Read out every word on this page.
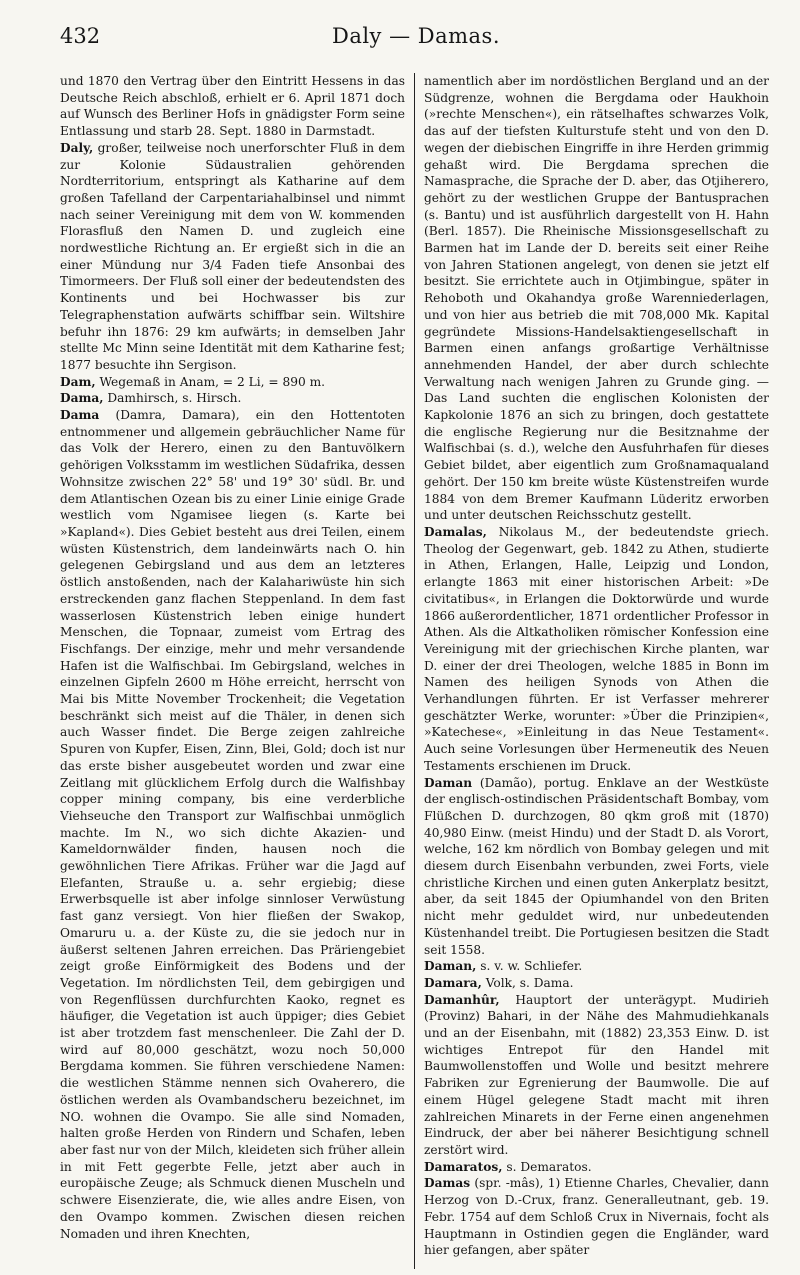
432	Daly — Damas.

und 1870 den Vertrag über den Eintritt Hessens in das Deutsche Reich abschloß, erhielt er 6. April 1871 doch auf Wunsch des Berliner Hofs in gnädigster Form seine Entlassung und starb 28. Sept. 1880 in Darmstadt.

Daly, großer, teilweise noch unerforschter Fluß in dem zur Kolonie Südaustralien gehörenden Nordterritorium, entspringt als Katharine auf dem großen Tafelland der Carpentariahalbinsel und nimmt nach seiner Vereinigung mit dem von W. kommenden Florasfluß den Namen D. und zugleich eine nordwestliche Richtung an. Er ergießt sich in die an einer Mündung nur 3/4 Faden tiefe Ansonbai des Timormeers. Der Fluß soll einer der bedeutendsten des Kontinents und bei Hochwasser bis zur Telegraphenstation aufwärts schiffbar sein. Wiltshire befuhr ihn 1876: 29 km aufwärts; in demselben Jahr stellte Mc Minn seine Identität mit dem Katharine fest; 1877 besuchte ihn Sergison.

Dam, Wegemaß in Anam, = 2 Li, = 890 m.

Dama, Damhirsch, s. Hirsch.

Dama (Damra, Damara), ein den Hottentoten entnommener und allgemein gebräuchlicher Name für das Volk der Herero, einen zu den Bantuvölkern gehörigen Volksstamm im westlichen Südafrika, dessen Wohnsitze zwischen 22° 58' und 19° 30' südl. Br. und dem Atlantischen Ozean bis zu einer Linie einige Grade westlich vom Ngamisee liegen (s. Karte bei »Kapland«). Dies Gebiet besteht aus drei Teilen, einem wüsten Küstenstrich, dem landeinwärts nach O. hin gelegenen Gebirgsland und aus dem an letzteres östlich anstoßenden, nach der Kalahariwüste hin sich erstreckenden ganz flachen Steppenland. In dem fast wasserlosen Küstenstrich leben einige hundert Menschen, die Topnaar, zumeist vom Ertrag des Fischfangs. Der einzige, mehr und mehr versandende Hafen ist die Walfischbai. Im Gebirgsland, welches in einzelnen Gipfeln 2600 m Höhe erreicht, herrscht von Mai bis Mitte November Trockenheit; die Vegetation beschränkt sich meist auf die Thäler, in denen sich auch Wasser findet. Die Berge zeigen zahlreiche Spuren von Kupfer, Eisen, Zinn, Blei, Gold; doch ist nur das erste bisher ausgebeutet worden und zwar eine Zeitlang mit glücklichem Erfolg durch die Walfishbay copper mining company, bis eine verderbliche Viehseuche den Transport zur Walfischbai unmöglich machte. Im N., wo sich dichte Akazien- und Kameldornwälder finden, hausen noch die gewöhnlichen Tiere Afrikas. Früher war die Jagd auf Elefanten, Strauße u. a. sehr ergiebig; diese Erwerbsquelle ist aber infolge sinnloser Verwüstung fast ganz versiegt. Von hier fließen der Swakop, Omaruru u. a. der Küste zu, die sie jedoch nur in äußerst seltenen Jahren erreichen. Das Präriengebiet zeigt große Einförmigkeit des Bodens und der Vegetation. Im nördlichsten Teil, dem gebirgigen und von Regenflüssen durchfurchten Kaoko, regnet es häufiger, die Vegetation ist auch üppiger; dies Gebiet ist aber trotzdem fast menschenleer. Die Zahl der D. wird auf 80,000 geschätzt, wozu noch 50,000 Bergdama kommen. Sie führen verschiedene Namen: die westlichen Stämme nennen sich Ovaherero, die östlichen werden als Ovambandscheru bezeichnet, im NO. wohnen die Ovampo. Sie alle sind Nomaden, halten große Herden von Rindern und Schafen, leben aber fast nur von der Milch, kleideten sich früher allein in mit Fett gegerbte Felle, jetzt aber auch in europäische Zeuge; als Schmuck dienen Muscheln und schwere Eisenzierate, die, wie alles andre Eisen, von den Ovampo kommen. Zwischen diesen reichen Nomaden und ihren Knechten,

namentlich aber im nordöstlichen Bergland und an der Südgrenze, wohnen die Bergdama oder Haukhoin (»rechte Menschen«), ein rätselhaftes schwarzes Volk, das auf der tiefsten Kulturstufe steht und von den D. wegen der diebischen Eingriffe in ihre Herden grimmig gehaßt wird. Die Bergdama sprechen die Namasprache, die Sprache der D. aber, das Otjiherero, gehört zu der westlichen Gruppe der Bantusprachen (s. Bantu) und ist ausführlich dargestellt von H. Hahn (Berl. 1857). Die Rheinische Missionsgesellschaft zu Barmen hat im Lande der D. bereits seit einer Reihe von Jahren Stationen angelegt, von denen sie jetzt elf besitzt. Sie errichtete auch in Otjimbingue, später in Rehoboth und Okahandya große Warenniederlagen, und von hier aus betrieb die mit 708,000 Mk. Kapital gegründete Missions-Handelsaktiengesellschaft in Barmen einen anfangs großartige Verhältnisse annehmenden Handel, der aber durch schlechte Verwaltung nach wenigen Jahren zu Grunde ging. — Das Land suchten die englischen Kolonisten der Kapkolonie 1876 an sich zu bringen, doch gestattete die englische Regierung nur die Besitznahme der Walfischbai (s. d.), welche den Ausfuhrhafen für dieses Gebiet bildet, aber eigentlich zum Großnamaqualand gehört. Der 150 km breite wüste Küstenstreifen wurde 1884 von dem Bremer Kaufmann Lüderitz erworben und unter deutschen Reichsschutz gestellt.

Damalas, Nikolaus M., der bedeutendste griech. Theolog der Gegenwart, geb. 1842 zu Athen, studierte in Athen, Erlangen, Halle, Leipzig und London, erlangte 1863 mit einer historischen Arbeit: »De civitatibus«, in Erlangen die Doktorwürde und wurde 1866 außerordentlicher, 1871 ordentlicher Professor in Athen. Als die Altkatholiken römischer Konfession eine Vereinigung mit der griechischen Kirche planten, war D. einer der drei Theologen, welche 1885 in Bonn im Namen des heiligen Synods von Athen die Verhandlungen führten. Er ist Verfasser mehrerer geschätzter Werke, worunter: »Über die Prinzipien«, »Katechese«, »Einleitung in das Neue Testament«. Auch seine Vorlesungen über Hermeneutik des Neuen Testaments erschienen im Druck.

Daman (Damão), portug. Enklave an der Westküste der englisch-ostindischen Präsidentschaft Bombay, vom Flüßchen D. durchzogen, 80 qkm groß mit (1870) 40,980 Einw. (meist Hindu) und der Stadt D. als Vorort, welche, 162 km nördlich von Bombay gelegen und mit diesem durch Eisenbahn verbunden, zwei Forts, viele christliche Kirchen und einen guten Ankerplatz besitzt, aber, da seit 1845 der Opiumhandel von den Briten nicht mehr geduldet wird, nur unbedeutenden Küstenhandel treibt. Die Portugiesen besitzen die Stadt seit 1558.

Daman, s. v. w. Schliefer.

Damara, Volk, s. Dama.

Damanhûr, Hauptort der unterägypt. Mudirieh (Provinz) Bahari, in der Nähe des Mahmudiehkanals und an der Eisenbahn, mit (1882) 23,353 Einw. D. ist wichtiges Entrepot für den Handel mit Baumwollenstoffen und Wolle und besitzt mehrere Fabriken zur Egrenierung der Baumwolle. Die auf einem Hügel gelegene Stadt macht mit ihren zahlreichen Minarets in der Ferne einen angenehmen Eindruck, der aber bei näherer Besichtigung schnell zerstört wird.

Damaratos, s. Demaratos.

Damas (spr. -mâs), 1) Etienne Charles, Chevalier, dann Herzog von D.-Crux, franz. Generalleutnant, geb. 19. Febr. 1754 auf dem Schloß Crux in Nivernais, focht als Hauptmann in Ostindien gegen die Engländer, ward hier gefangen, aber später
